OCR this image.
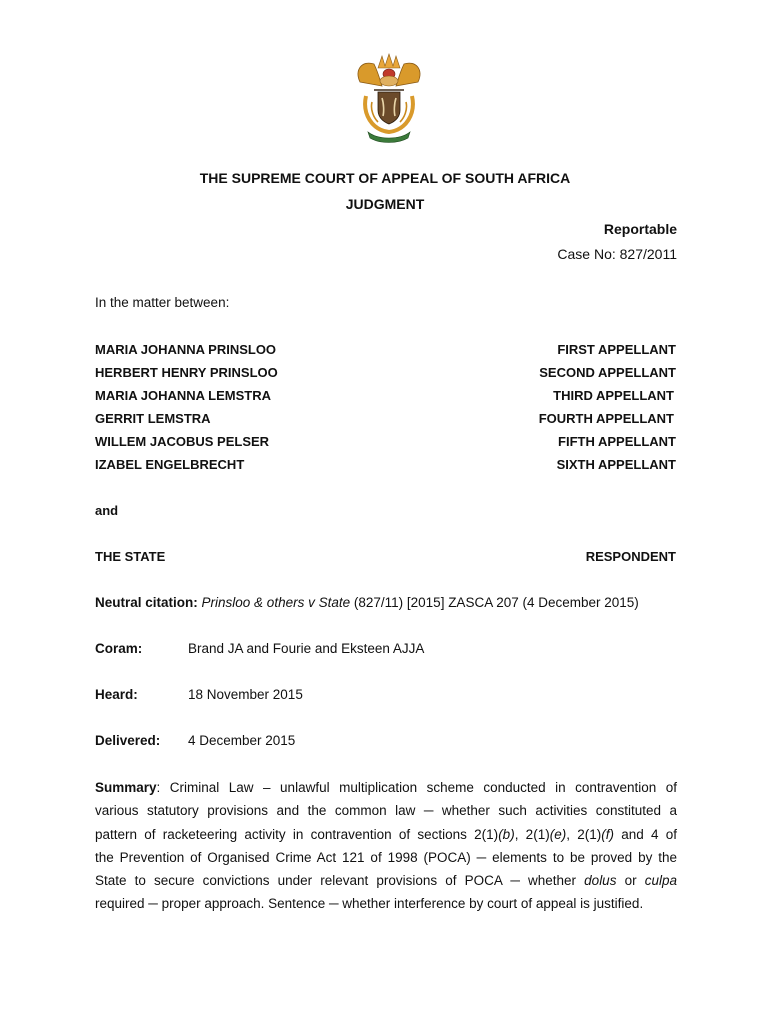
THE SUPREME COURT OF APPEAL OF SOUTH AFRICA
JUDGMENT
Reportable
Case No: 827/2011
In the matter between:
MARIA JOHANNA PRINSLOO	FIRST APPELLANT
HERBERT HENRY PRINSLOO	SECOND APPELLANT
MARIA JOHANNA LEMSTRA	THIRD APPELLANT
GERRIT LEMSTRA	FOURTH APPELLANT
WILLEM JACOBUS PELSER	FIFTH APPELLANT
IZABEL ENGELBRECHT	SIXTH APPELLANT
and
THE STATE	RESPONDENT
Neutral citation: Prinsloo & others v State (827/11) [2015] ZASCA 207 (4 December 2015)
Coram:	Brand JA and Fourie and Eksteen AJJA
Heard:	18 November 2015
Delivered: 4 December 2015
Summary: Criminal Law – unlawful multiplication scheme conducted in contravention of
various statutory provisions and the common law ─ whether such activities constituted a
pattern of racketeering activity in contravention of sections 2(1)(b), 2(1)(e), 2(1)(f) and 4 of
the Prevention of Organised Crime Act 121 of 1998 (POCA) ─ elements to be proved by the
State to secure convictions under relevant provisions of POCA ─ whether dolus or culpa
required ─ proper approach. Sentence ─ whether interference by court of appeal is justified.
